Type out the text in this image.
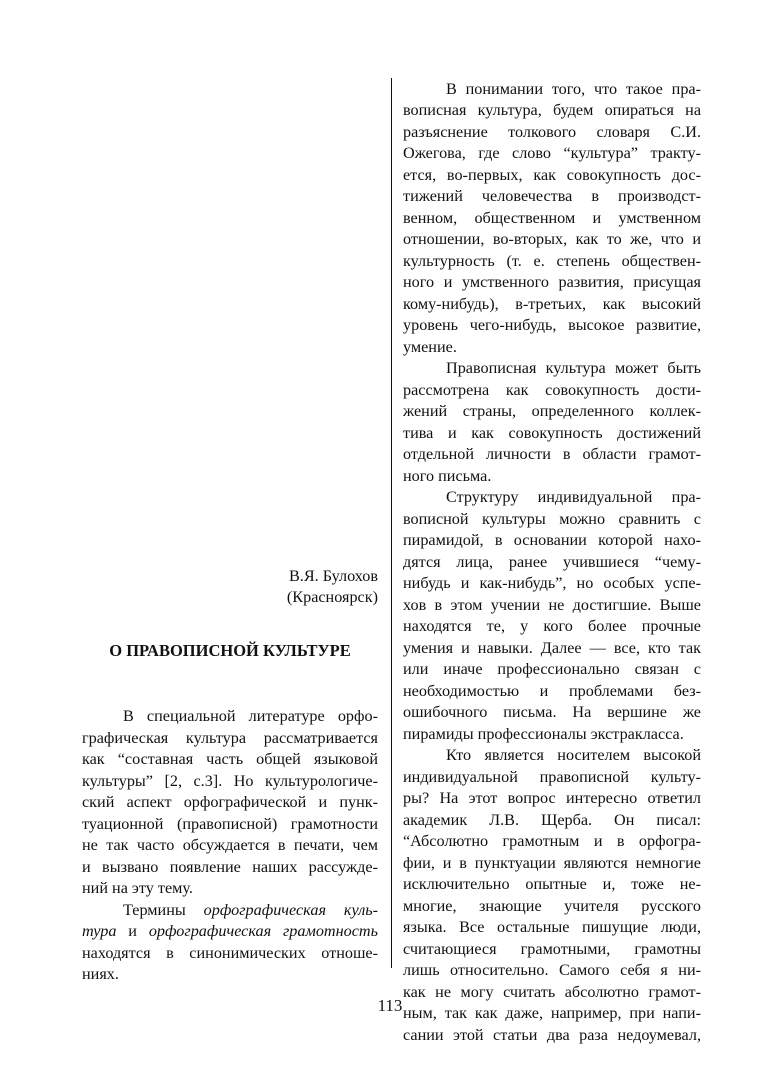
В понимании того, что такое пра-
вописная культура, будем опираться на
разъяснение толкового словаря С.И.
Ожегова, где слово “культура” тракту-
ется, во-первых, как совокупность дос-
тижений человечества в производст-
венном, общественном и умственном
отношении, во-вторых, как то же, что и
культурность (т. е. степень обществен-
ного и умственного развития, присущая
кому-нибудь), в-третьих, как высокий
уровень чего-нибудь, высокое развитие,
умение.
Правописная культура может быть
рассмотрена как совокупность дости-
жений страны, определенного коллек-
тива и как совокупность достижений
отдельной личности в области грамот-
ного письма.
Структуру индивидуальной пра-
вописной культуры можно сравнить с
пирамидой, в основании которой нахо-
дятся лица, ранее учившиеся “чему-
нибудь и как-нибудь”, но особых успе-
хов в этом учении не достигшие. Выше
находятся те, у кого более прочные
умения и навыки. Далее — все, кто так
или иначе профессионально связан с
необходимостью и проблемами без-
ошибочного письма. На вершине же
пирамиды профессионалы экстракласса.
Кто является носителем высокой
индивидуальной правописной культу-
ры? На этот вопрос интересно ответил
академик Л.В. Щерба. Он писал:
“Абсолютно грамотным и в орфогра-
фии, и в пунктуации являются немногие
исключительно опытные и, тоже не-
многие, знающие учителя русского
языка. Все остальные пишущие люди,
считающиеся грамотными, грамотны
лишь относительно. Самого себя я ни-
как не могу считать абсолютно грамот-
ным, так как даже, например, при напи-
сании этой статьи два раза недоумевал,
В.Я. Булохов
(Красноярск)
О ПРАВОПИСНОЙ КУЛЬТУРЕ
В специальной литературе орфо-
графическая культура рассматривается
как “составная часть общей языковой
культуры” [2, с.3]. Но культурологиче-
ский аспект орфографической и пунк-
туационной (правописной) грамотности
не так часто обсуждается в печати, чем
и вызвано появление наших рассужде-
ний на эту тему.
Термины орфографическая куль-
тура и орфографическая грамотность
находятся в синонимических отноше-
ниях.
113
